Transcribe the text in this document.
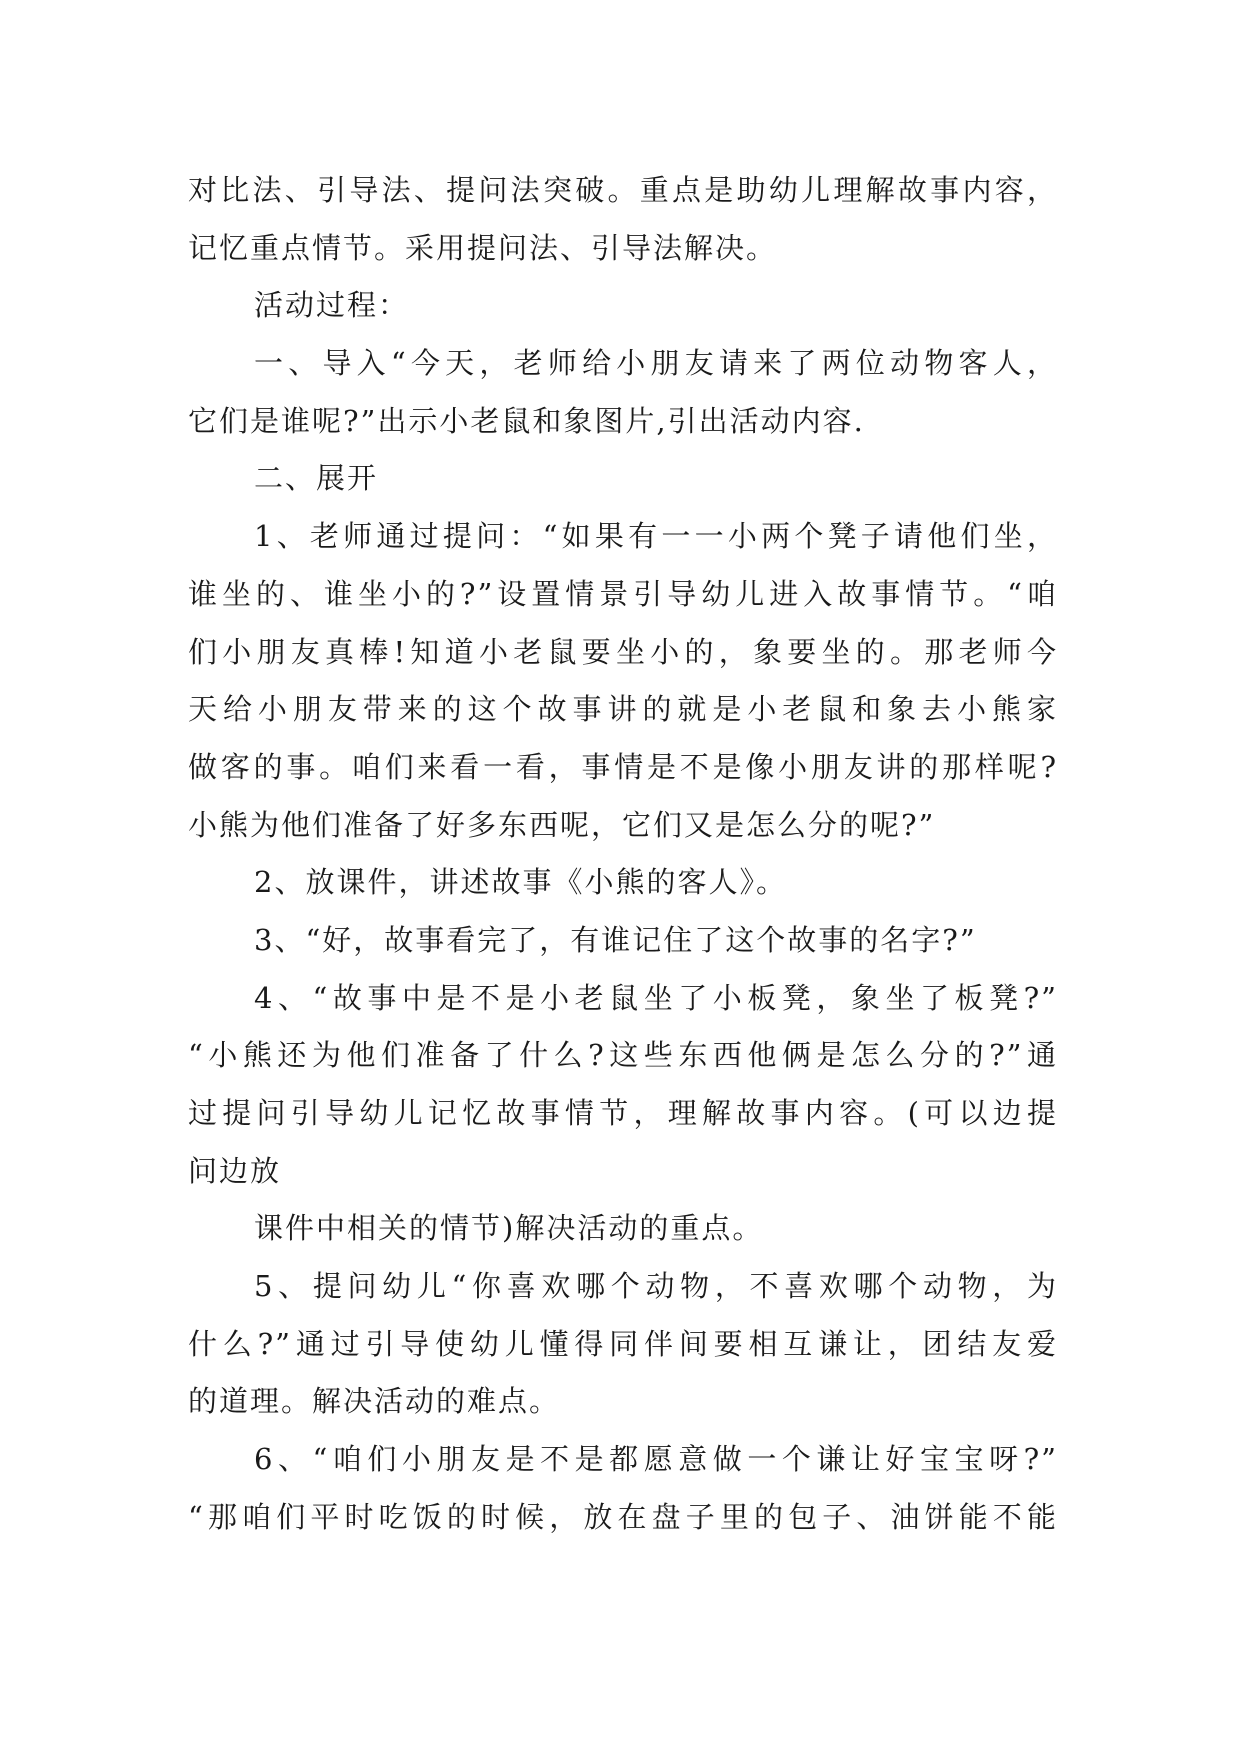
对比法、引导法、提问法突破。重点是助幼儿理解故事内容，
记忆重点情节。采用提问法、引导法解决。
活动过程：
一、导入“今天，老师给小朋友请来了两位动物客人，
它们是谁呢?”出示小老鼠和象图片,引出活动内容.
二、展开
1、老师通过提问：“如果有一一小两个凳子请他们坐，
谁坐的、谁坐小的?”设置情景引导幼儿进入故事情节。“咱
们小朋友真棒!知道小老鼠要坐小的，象要坐的。那老师今
天给小朋友带来的这个故事讲的就是小老鼠和象去小熊家
做客的事。咱们来看一看，事情是不是像小朋友讲的那样呢?
小熊为他们准备了好多东西呢，它们又是怎么分的呢?”
2、放课件，讲述故事《小熊的客人》。
3、“好，故事看完了，有谁记住了这个故事的名字?”
4、“故事中是不是小老鼠坐了小板凳，象坐了板凳?”
“小熊还为他们准备了什么?这些东西他俩是怎么分的?”通
过提问引导幼儿记忆故事情节，理解故事内容。(可以边提
问边放
课件中相关的情节)解决活动的重点。
5、提问幼儿“你喜欢哪个动物，不喜欢哪个动物，为
什么?”通过引导使幼儿懂得同伴间要相互谦让，团结友爱
的道理。解决活动的难点。
6、“咱们小朋友是不是都愿意做一个谦让好宝宝呀?”
“那咱们平时吃饭的时候，放在盘子里的包子、油饼能不能
